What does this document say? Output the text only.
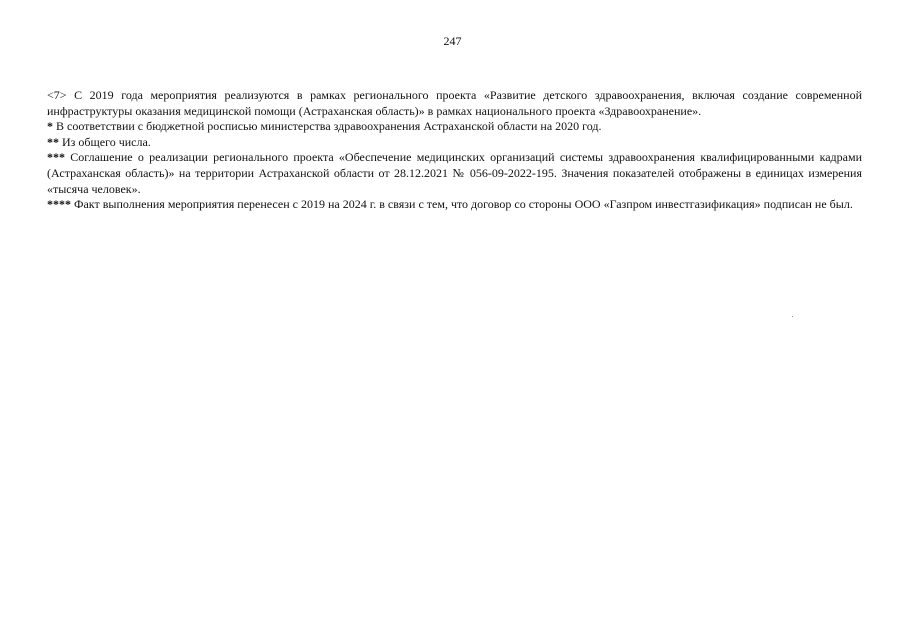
247

<7> С 2019 года мероприятия реализуются в рамках регионального проекта «Развитие детского здравоохранения, включая создание современной инфраструктуры оказания медицинской помощи (Астраханская область)» в рамках национального проекта «Здравоохранение».

* В соответствии с бюджетной росписью министерства здравоохранения Астраханской области на 2020 год.

** Из общего числа.

*** Соглашение о реализации регионального проекта «Обеспечение медицинских организаций системы здравоохранения квалифицированными кадрами (Астраханская область)» на территории Астраханской области от 28.12.2021 № 056-09-2022-195. Значения показателей отображены в единицах измерения «тысяча человек».

**** Факт выполнения мероприятия перенесен с 2019 на 2024 г. в связи с тем, что договор со стороны ООО «Газпром инвестгазификация» подписан не был.
